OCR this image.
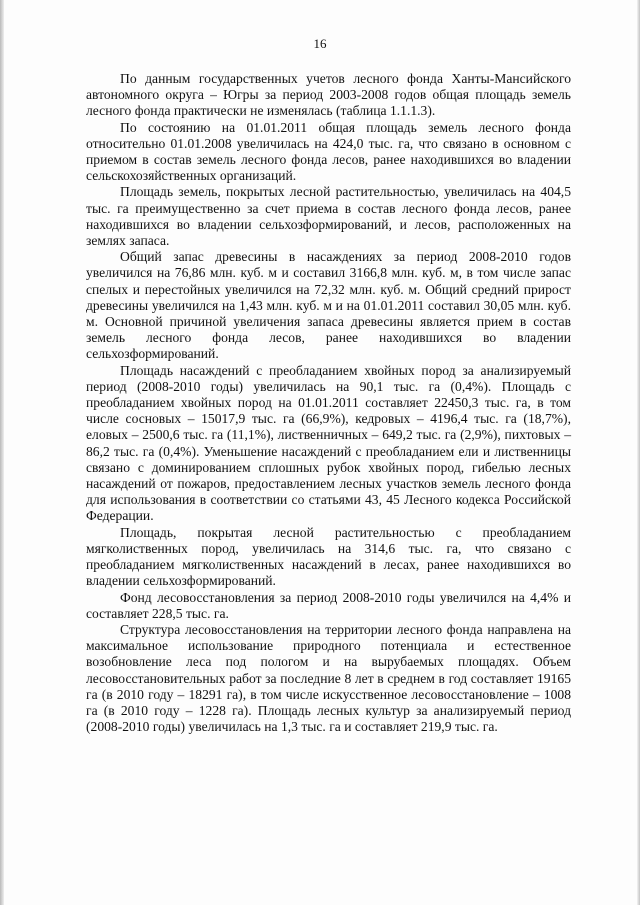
16

По данным государственных учетов лесного фонда Ханты-Мансийского автономного округа – Югры за период 2003-2008 годов общая площадь земель лесного фонда практически не изменялась (таблица 1.1.1.3).

По состоянию на 01.01.2011 общая площадь земель лесного фонда относительно 01.01.2008 увеличилась на 424,0 тыс. га, что связано в основном с приемом в состав земель лесного фонда лесов, ранее находившихся во владении сельскохозяйственных организаций.

Площадь земель, покрытых лесной растительностью, увеличилась на 404,5 тыс. га преимущественно за счет приема в состав лесного фонда лесов, ранее находившихся во владении сельхозформирований, и лесов, расположенных на землях запаса.

Общий запас древесины в насаждениях за период 2008-2010 годов увеличился на 76,86 млн. куб. м и составил 3166,8 млн. куб. м, в том числе запас спелых и перестойных увеличился на 72,32 млн. куб. м. Общий средний прирост древесины увеличился на 1,43 млн. куб. м и на 01.01.2011 составил 30,05 млн. куб. м. Основной причиной увеличения запаса древесины является прием в состав земель лесного фонда лесов, ранее находившихся во владении сельхозформирований.

Площадь насаждений с преобладанием хвойных пород за анализируемый период (2008-2010 годы) увеличилась на 90,1 тыс. га (0,4%). Площадь с преобладанием хвойных пород на 01.01.2011 составляет 22450,3 тыс. га, в том числе сосновых – 15017,9 тыс. га (66,9%), кедровых – 4196,4 тыс. га (18,7%), еловых – 2500,6 тыс. га (11,1%), лиственничных – 649,2 тыс. га (2,9%), пихтовых – 86,2 тыс. га (0,4%). Уменьшение насаждений с преобладанием ели и лиственницы связано с доминированием сплошных рубок хвойных пород, гибелью лесных насаждений от пожаров, предоставлением лесных участков земель лесного фонда для использования в соответствии со статьями 43, 45 Лесного кодекса Российской Федерации.

Площадь, покрытая лесной растительностью с преобладанием мягколиственных пород, увеличилась на 314,6 тыс. га, что связано с преобладанием мягколиственных насаждений в лесах, ранее находившихся во владении сельхозформирований.

Фонд лесовосстановления за период 2008-2010 годы увеличился на 4,4% и составляет 228,5 тыс. га.

Структура лесовосстановления на территории лесного фонда направлена на максимальное использование природного потенциала и естественное возобновление леса под пологом и на вырубаемых площадях. Объем лесовосстановительных работ за последние 8 лет в среднем в год составляет 19165 га (в 2010 году – 18291 га), в том числе искусственное лесовосстановление – 1008 га (в 2010 году – 1228 га). Площадь лесных культур за анализируемый период (2008-2010 годы) увеличилась на 1,3 тыс. га и составляет 219,9 тыс. га.
